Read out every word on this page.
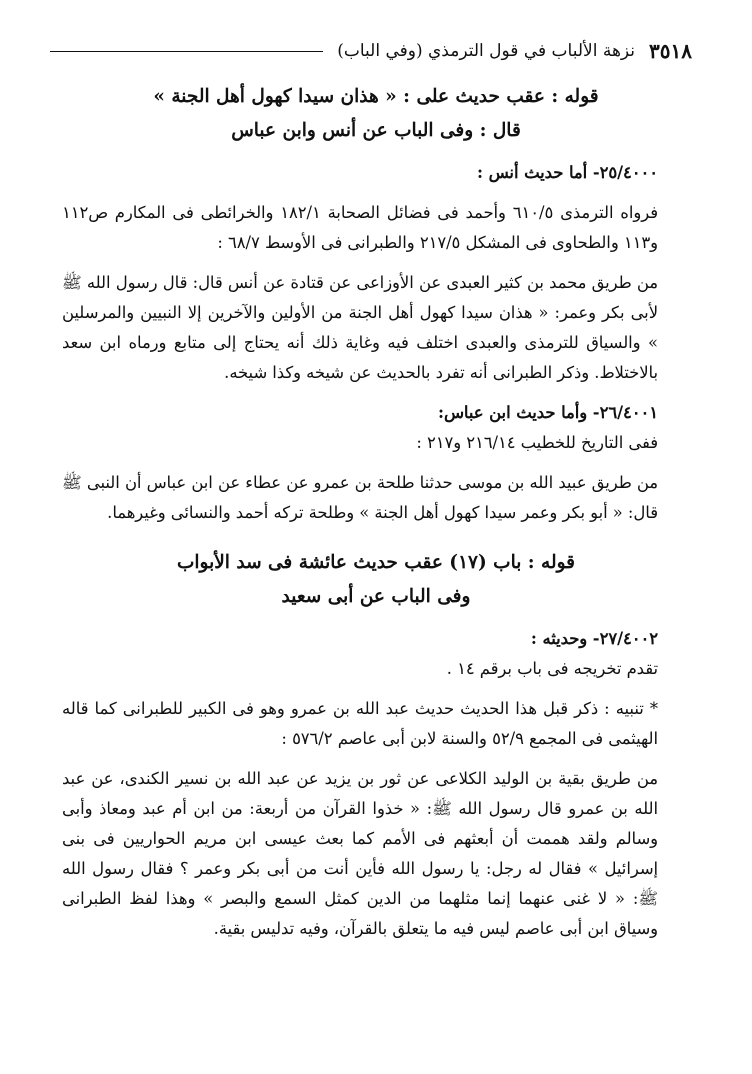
٣٥١٨
نزهة الألباب في قول الترمذي (وفي الباب)

قوله : عقب حديث على : « هذان سيدا كهول أهل الجنة »

قال : وفى الباب عن أنس وابن عباس

٢٥/٤٠٠٠- أما حديث أنس :

فرواه الترمذى ٦١٠/٥ وأحمد فى فضائل الصحابة ١٨٢/١ والخرائطى فى المكارم ص١١٢ و١١٣ والطحاوى فى المشكل ٢١٧/٥ والطبرانى فى الأوسط ٦٨/٧ :

من طريق محمد بن كثير العبدى عن الأوزاعى عن قتادة عن أنس قال: قال رسول الله ﷺ لأبى بكر وعمر: « هذان سيدا كهول أهل الجنة من الأولين والآخرين إلا النبيين والمرسلين » والسياق للترمذى والعبدى اختلف فيه وغاية ذلك أنه يحتاج إلى متابع ورماه ابن سعد بالاختلاط. وذكر الطبرانى أنه تفرد بالحديث عن شيخه وكذا شيخه.

٢٦/٤٠٠١- وأما حديث ابن عباس:

ففى التاريخ للخطيب ٢١٦/١٤ و٢١٧ :

من طريق عبيد الله بن موسى حدثنا طلحة بن عمرو عن عطاء عن ابن عباس أن النبى ﷺ قال: « أبو بكر وعمر سيدا كهول أهل الجنة » وطلحة تركه أحمد والنسائى وغيرهما.

قوله : باب (١٧) عقب حديث عائشة فى سد الأبواب

وفى الباب عن أبى سعيد

٢٧/٤٠٠٢- وحديثه :

تقدم تخريجه فى باب برقم ١٤ .

* تنبيه : ذكر قبل هذا الحديث حديث عبد الله بن عمرو وهو فى الكبير للطبرانى كما قاله الهيثمى فى المجمع ٥٢/٩ والسنة لابن أبى عاصم ٥٧٦/٢ :

من طريق بقية بن الوليد الكلاعى عن ثور بن يزيد عن عبد الله بن نسير الكندى، عن عبد الله بن عمرو قال رسول الله ﷺ: « خذوا القرآن من أربعة: من ابن أم عبد ومعاذ وأبى وسالم ولقد هممت أن أبعثهم فى الأمم كما بعث عيسى ابن مريم الحواريين فى بنى إسرائيل » فقال له رجل: يا رسول الله فأين أنت من أبى بكر وعمر ؟ فقال رسول الله ﷺ: « لا غنى عنهما إنما مثلهما من الدين كمثل السمع والبصر » وهذا لفظ الطبرانى وسياق ابن أبى عاصم ليس فيه ما يتعلق بالقرآن، وفيه تدليس بقية.
